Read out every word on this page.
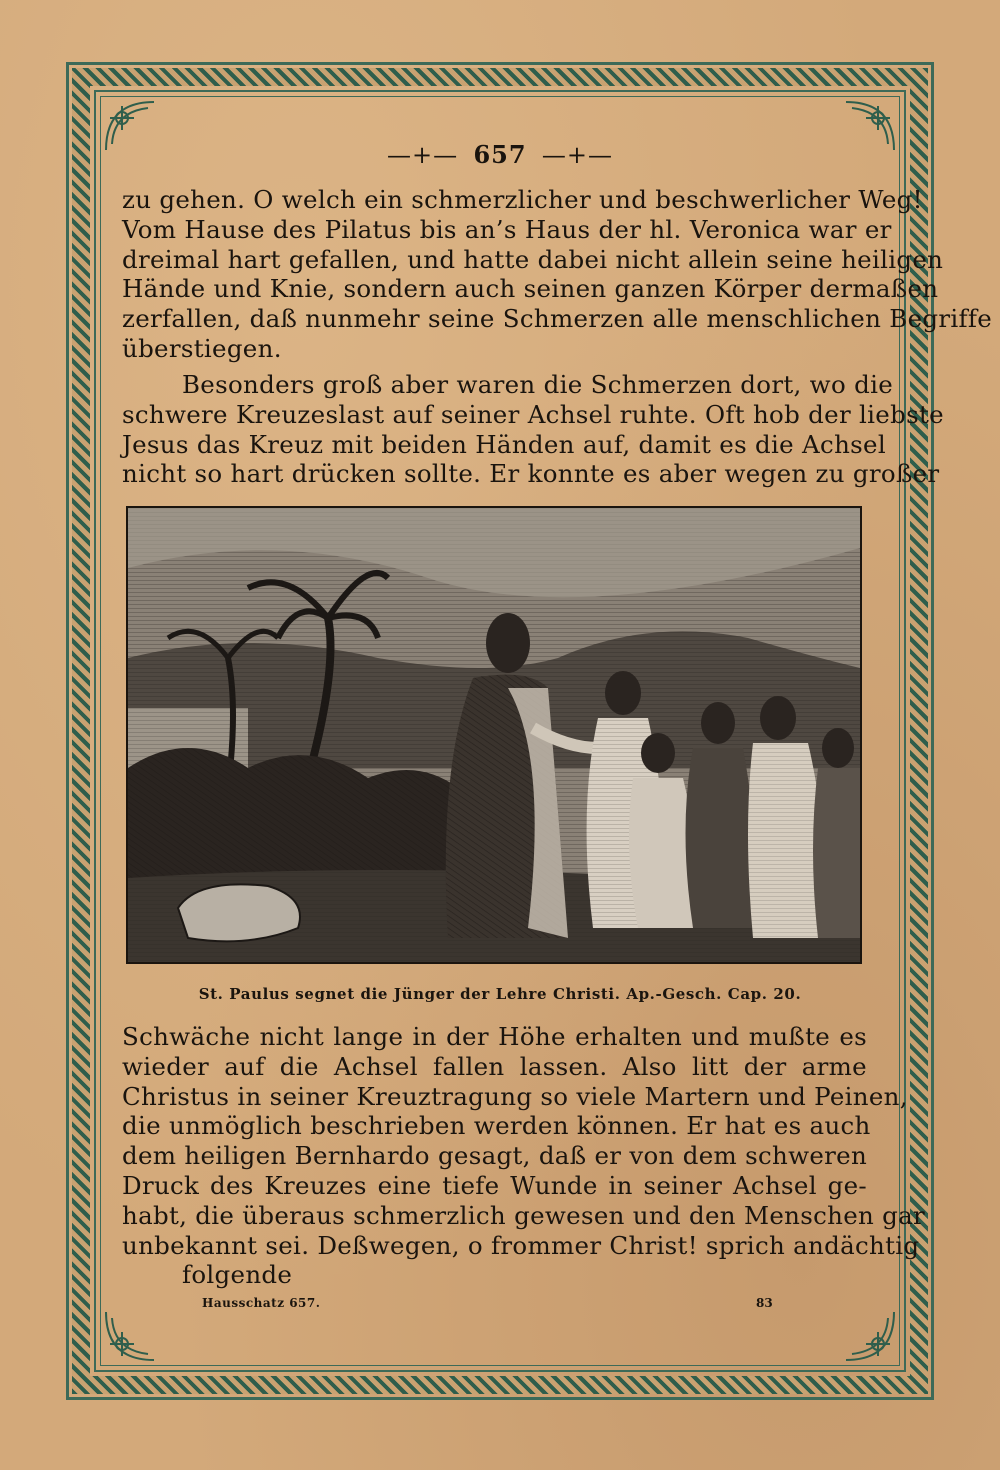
—+— 657 —+—
zu gehen. O welch ein schmerzlicher und beschwerlicher Weg!
Vom Hause des Pilatus bis an’s Haus der hl. Veronica war er
dreimal hart gefallen, und hatte dabei nicht allein seine heiligen
Hände und Knie, sondern auch seinen ganzen Körper dermaßen
zerfallen, daß nunmehr seine Schmerzen alle menschlichen Begriffe
überstiegen.
Besonders groß aber waren die Schmerzen dort, wo die
schwere Kreuzeslast auf seiner Achsel ruhte. Oft hob der liebste
Jesus das Kreuz mit beiden Händen auf, damit es die Achsel
nicht so hart drücken sollte. Er konnte es aber wegen zu großer
St. Paulus segnet die Jünger der Lehre Christi. Ap.-Gesch. Cap. 20.
Schwäche nicht lange in der Höhe erhalten und mußte es
wieder auf die Achsel fallen lassen. Also litt der arme
Christus in seiner Kreuztragung so viele Martern und Peinen,
die unmöglich beschrieben werden können. Er hat es auch
dem heiligen Bernhardo gesagt, daß er von dem schweren
Druck des Kreuzes eine tiefe Wunde in seiner Achsel ge-
habt, die überaus schmerzlich gewesen und den Menschen gar
unbekannt sei. Deßwegen, o frommer Christ! sprich andächtig
folgende
Hausschatz 657.	83
